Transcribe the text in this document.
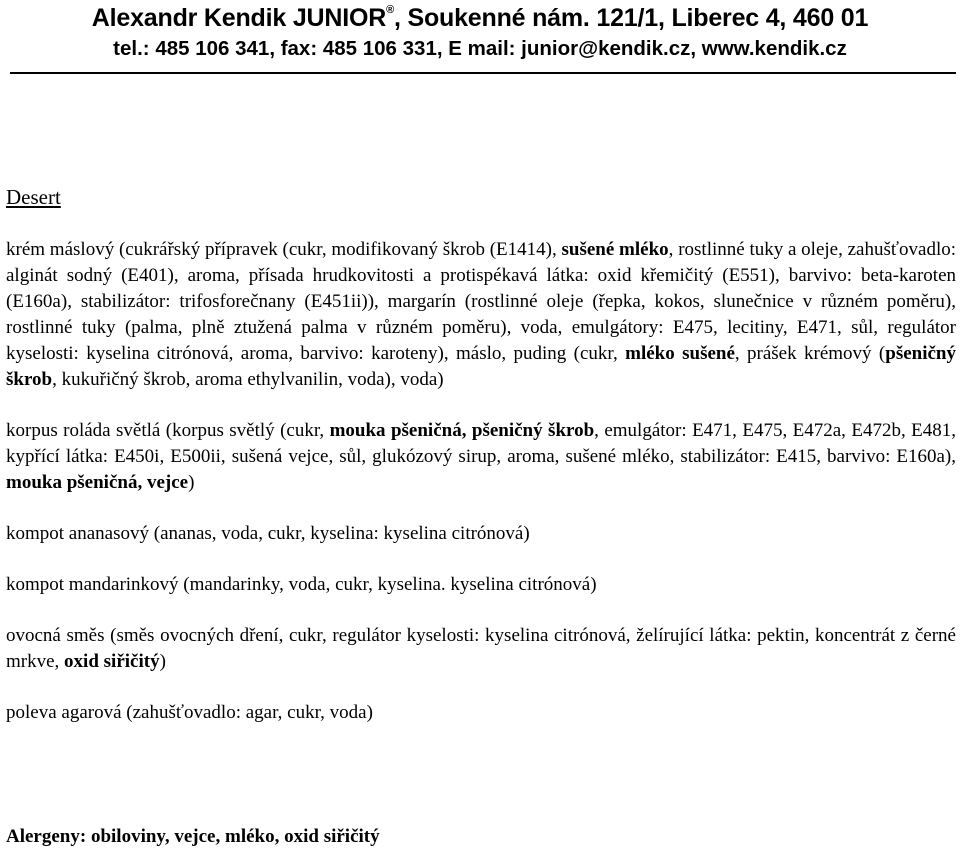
Alexandr Kendik JUNIOR®, Soukenné nám. 121/1, Liberec 4, 460 01
tel.: 485 106 341, fax: 485 106 331, E mail: junior@kendik.cz, www.kendik.cz
Desert

krém máslový (cukrářský přípravek (cukr, modifikovaný škrob (E1414), sušené mléko, rostlinné tuky a oleje, zahušťovadlo: alginát sodný (E401), aroma, přísada hrudkovitosti a protispékavá látka: oxid křemičitý (E551), barvivo: beta-karoten (E160a), stabilizátor: trifosforečnany (E451ii)), margarín (rostlinné oleje (řepka, kokos, slunečnice v různém poměru), rostlinné tuky (palma, plně ztužená palma v různém poměru), voda, emulgátory: E475, lecitiny, E471, sůl, regulátor kyselosti: kyselina citrónová, aroma, barvivo: karoteny), máslo, puding (cukr, mléko sušené, prášek krémový (pšeničný škrob, kukuřičný škrob, aroma ethylvanilin, voda), voda)

korpus roláda světlá (korpus světlý (cukr, mouka pšeničná, pšeničný škrob, emulgátor: E471, E475, E472a, E472b, E481, kypřící látka: E450i, E500ii, sušená vejce, sůl, glukózový sirup, aroma, sušené mléko, stabilizátor: E415, barvivo: E160a), mouka pšeničná, vejce)

kompot ananasový (ananas, voda, cukr, kyselina: kyselina citrónová)

kompot mandarinkový (mandarinky, voda, cukr, kyselina. kyselina citrónová)

ovocná směs (směs ovocných dření, cukr, regulátor kyselosti: kyselina citrónová, želírující látka: pektin, koncentrát z černé mrkve, oxid siřičitý)

poleva agarová (zahušťovadlo: agar, cukr, voda)

Alergeny: obiloviny, vejce, mléko, oxid siřičitý
